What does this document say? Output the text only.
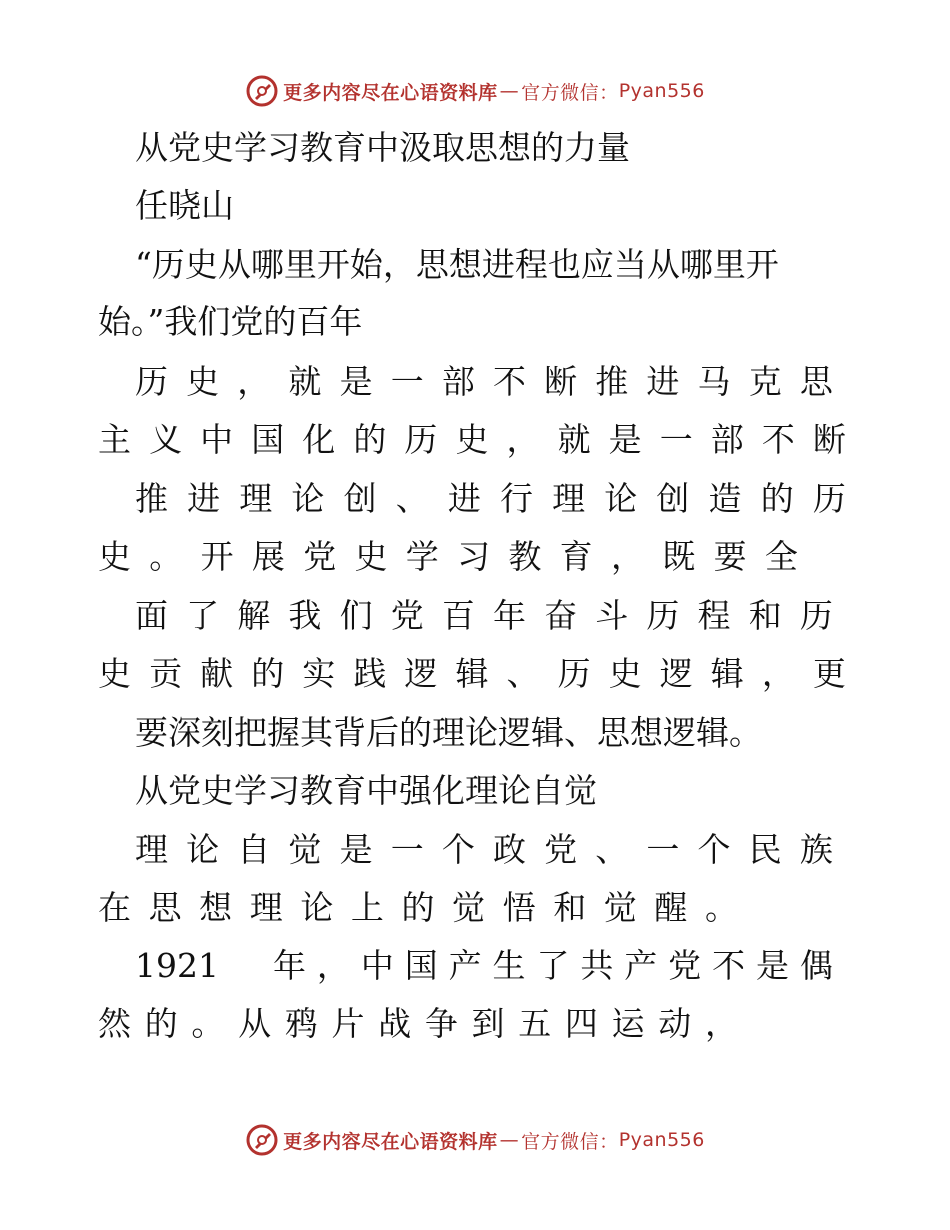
更多内容尽在心语资料库 — 官方微信： Pyan556
从党史学习教育中汲取思想的力量
任晓山
“历史从哪里开始，思想进程也应当从哪里开
始。”我们党的百年
历 史 ， 就 是 一 部 不 断 推 进 马 克 思
主 义 中 国 化 的 历 史 ， 就 是 一 部 不 断
推 进 理 论 创 、 进 行 理 论 创 造 的 历
史 。 开 展 党 史 学 习 教 育 ， 既 要 全
面 了 解 我 们 党 百 年 奋 斗 历 程 和 历
史 贡 献 的 实 践 逻 辑 、 历 史 逻 辑 ， 更
要深刻把握其背后的理论逻辑、思想逻辑。
从党史学习教育中强化理论自觉
理 论 自 觉 是 一 个 政 党 、 一 个 民 族
在 思 想 理 论 上 的 觉 悟 和 觉 醒 。
1921 年 ， 中 国 产 生 了 共 产 党 不 是 偶
然 的 。 从 鸦 片 战 争 到 五 四 运 动 ，
更多内容尽在心语资料库 — 官方微信： Pyan556
